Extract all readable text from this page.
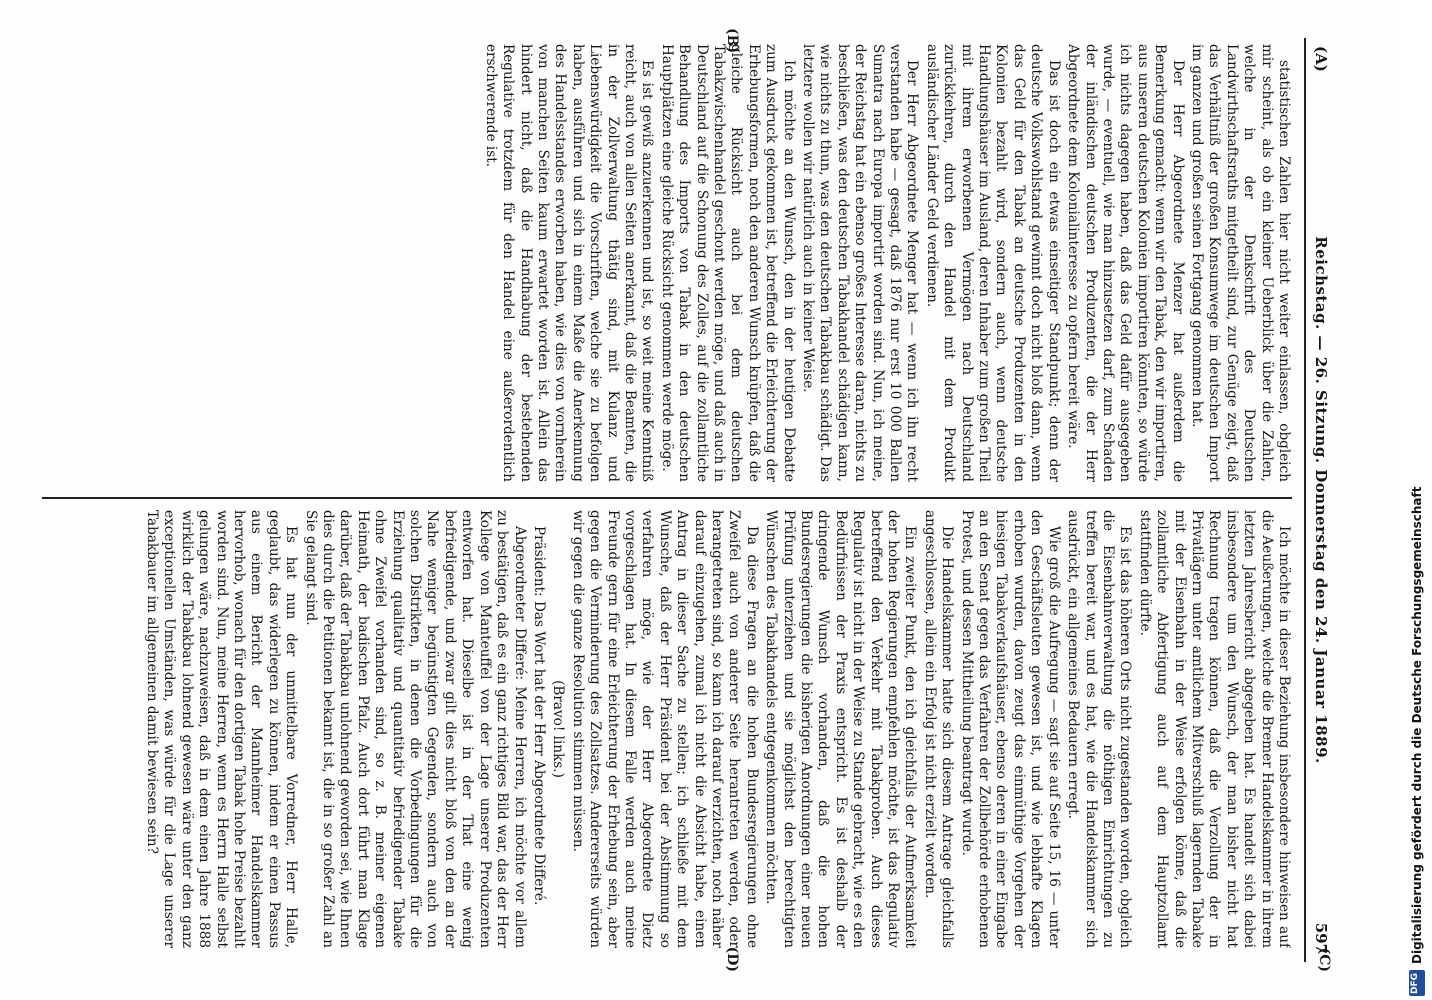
(A)
Reichstag. — 26. Sitzung. Donnerstag den 24. Januar 1889.
597
(C)
(B)
(D)

statistischen Zahlen hier nicht weiter einlassen, obgleich mir scheint, als ob ein kleiner Ueberblick über die Zahlen, welche in der Denkschrift des Deutschen Landwirthschaftsraths mitgetheilt sind, zur Genüge zeigt, daß das Verhältniß der großen Konsumwege im deutschen Import im ganzen und großen seinen Fortgang genommen hat.

Der Herr Abgeordnete Menzer hat außerdem die Bemerkung gemacht: wenn wir den Tabak, den wir importiren, aus unseren deutschen Kolonien importiren könnten, so würde ich nichts dagegen haben, daß das Geld dafür ausgegeben wurde, — eventuell, wie man hinzusetzen darf, zum Schaden der inländischen deutschen Produzenten, die der Herr Abgeordnete dem Kolonialinteresse zu opfern bereit wäre.

Das ist doch ein etwas einseitiger Standpunkt; denn der deutsche Volkswohlstand gewinnt doch nicht bloß dann, wenn das Geld für den Tabak an deutsche Produzenten in den Kolonien bezahlt wird, sondern auch, wenn deutsche Handlungshäuser im Ausland, deren Inhaber zum großen Theil mit ihrem erworbenen Vermögen nach Deutschland zurückkehren, durch den Handel mit dem Produkt ausländischer Länder Geld verdienen.

Der Herr Abgeordnete Menger hat — wenn ich ihn recht verstanden habe — gesagt, daß 1876 nur erst 10 000 Ballen Sumatra nach Europa importirt worden sind. Nun, ich meine, der Reichstag hat ein ebenso großes Interesse daran, nichts zu beschließen, was den deutschen Tabakhandel schädigen kann, wie nichts zu thun, was den deutschen Tabakbau schädigt. Das letztere wollen wir natürlich auch in keiner Weise.

Ich möchte an den Wunsch, den in der heutigen Debatte zum Ausdruck gekommen ist, betreffend die Erleichterung der Erhebungsformen, noch den anderen Wunsch knüpfen, daß die gleiche Rücksicht auch bei dem deutschen Tabakzwischenhandel geschont werden möge, und daß auch in Deutschland auf die Schonung des Zolles, auf die zollamtliche Behandlung des Imports von Tabak in den deutschen Hauptplätzen eine gleiche Rücksicht genommen werde möge.

Es ist gewiß anzuerkennen und ist, so weit meine Kenntniß reicht, auch von allen Seiten anerkannt, daß die Beamten, die in der Zollverwaltung thätig sind, mit Kulanz und Liebenswürdigkeit die Vorschriften, welche sie zu befolgen haben, ausführen und sich in einem Maße die Anerkennung des Handelsstandes erworben haben, wie dies von vornherein von manchen Seiten kaum erwartet worden ist. Allein das hindert nicht, daß die Handhabung der bestehenden Regulative trotzdem für den Handel eine außerordentlich erschwerende ist.

Ich möchte in dieser Beziehung insbesondere hinweisen auf die Aeußerungen, welche die Bremer Handelskammer in ihrem letzten Jahresbericht abgegeben hat. Es handelt sich dabei insbesondere um den Wunsch, der man bisher nicht hat Rechnung tragen können, daß die Verzollung der in Privatlägern unter amtlichem Mitverschluß lagernden Tabake mit der Eisenbahn in der Weise erfolgen könne, daß die zollamtliche Abfertigung auch auf dem Hauptzollamt stattfinden dürfte.

Es ist das höheren Orts nicht zugestanden worden, obgleich die Eisenbahnverwaltung die nöthigen Einrichtungen zu treffen bereit war, und es hat, wie die Handelskammer sich ausdrückt, ein allgemeines Bedauern erregt.

Wie groß die Aufregung — sagt sie auf Seite 15, 16 — unter den Geschäftsleuten gewesen ist, und wie lebhafte Klagen erhoben wurden, davon zeugt das einmüthige Vorgehen der hiesigen Tabakverkaufshäuser, ebenso deren in einer Eingabe an den Senat gegen das Verfahren der Zollbehörde erhobenen Protest, und dessen Mittheilung beantragt wurde.

Die Handelskammer hatte sich diesem Antrage gleichfalls angeschlossen, allein ein Erfolg ist nicht erzielt worden.

Ein zweiter Punkt, den ich gleichfalls der Aufmerksamkeit der hohen Regierungen empfehlen möchte, ist das Regulativ betreffend den Verkehr mit Tabakproben. Auch dieses Regulativ ist nicht in der Weise zu Stande gebracht, wie es den Bedürfnissen der Praxis entspricht. Es ist deshalb der dringende Wunsch vorhanden, daß die hohen Bundesregierungen die bisherigen Anordnungen einer neuen Prüfung unterziehen und sie möglichst den berechtigten Wünschen des Tabakhandels entgegenkommen möchten.

Da diese Fragen an die hohen Bundesregierungen ohne Zweifel auch von anderer Seite herantreten werden, oder herangetreten sind, so kann ich darauf verzichten, noch näher darauf einzugehen, zumal ich nicht die Absicht habe, einen Antrag in dieser Sache zu stellen; ich schließe mit dem Wunsche, daß der Herr Präsident bei der Abstimmung so verfahren möge, wie der Herr Abgeordnete Dietz vorgeschlagen hat. In diesem Falle werden auch meine Freunde gern für eine Erleichterung der Erhebung sein, aber gegen die Verminderung des Zollsatzes. Andererseits würden wir gegen die ganze Resolution stimmen müssen.

(Bravo! links.)

Präsident: Das Wort hat der Herr Abgeordnete Differé.

Abgeordneter Differé: Meine Herren, ich möchte vor allem zu bestätigen, daß es ein ganz richtiges Bild war, das der Herr Kollege von Manteuffel von der Lage unserer Produzenten entworfen hat. Dieselbe ist in der That eine wenig befriedigende, und zwar gilt dies nicht bloß von den an der Nahe weniger begünstigten Gegenden, sondern auch von solchen Distrikten, in denen die Vorbedingungen für die Erziehung qualitativ und quantitativ befriedigender Tabake ohne Zweifel vorhanden sind, so z. B. meiner eigenen Heimath, der badischen Pfalz. Auch dort führt man Klage darüber, daß der Tabakbau unlohnend geworden sei, wie Ihnen dies durch die Petitionen bekannt ist, die in so großer Zahl an Sie gelangt sind.

Es hat nun der unmittelbare Vorredner, Herr Halle, geglaubt, das widerlegen zu können, indem er einen Passus aus einem Bericht der Mannheimer Handelskammer hervorhob, wonach für den dortigen Tabak hohe Preise bezahlt worden sind. Nun, meine Herren, wenn es Herrn Halle selbst gelungen wäre, nachzuweisen, daß in dem einen Jahre 1888 wirklich der Tabakbau lohnend gewesen wäre unter den ganz exceptionellen Umständen, was würde für die Lage unserer Tabakbauer im allgemeinen damit bewiesen sein?

DFG
Digitalisierung gefördert durch die Deutsche Forschungsgemeinschaft
